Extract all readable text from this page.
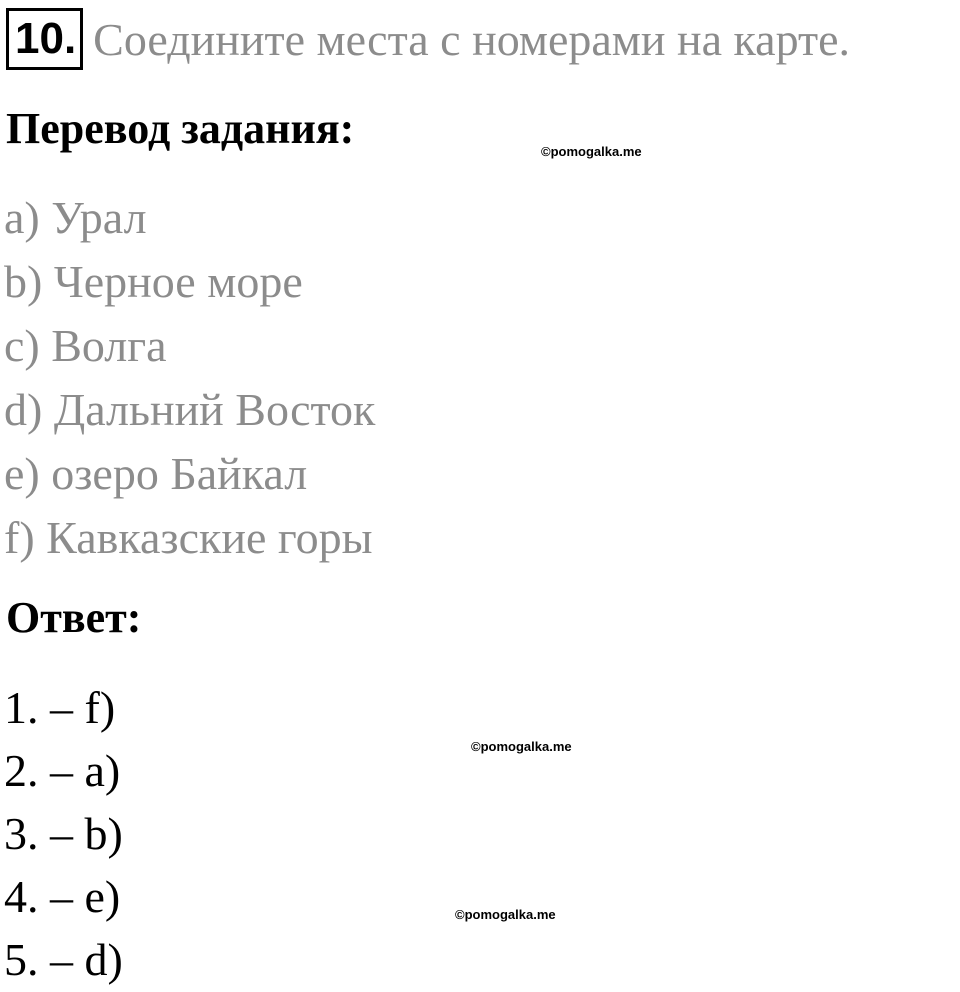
10. Соедините места с номерами на карте.
Перевод задания:	©pomogalka.me
a) Урал
b) Черное море
c) Волга
d) Дальний Восток
e) озеро Байкал
f) Кавказские горы
Ответ:
1. – f)
2. – a)
3. – b)
4. – e)
5. – d)
©pomogalka.me
©pomogalka.me
